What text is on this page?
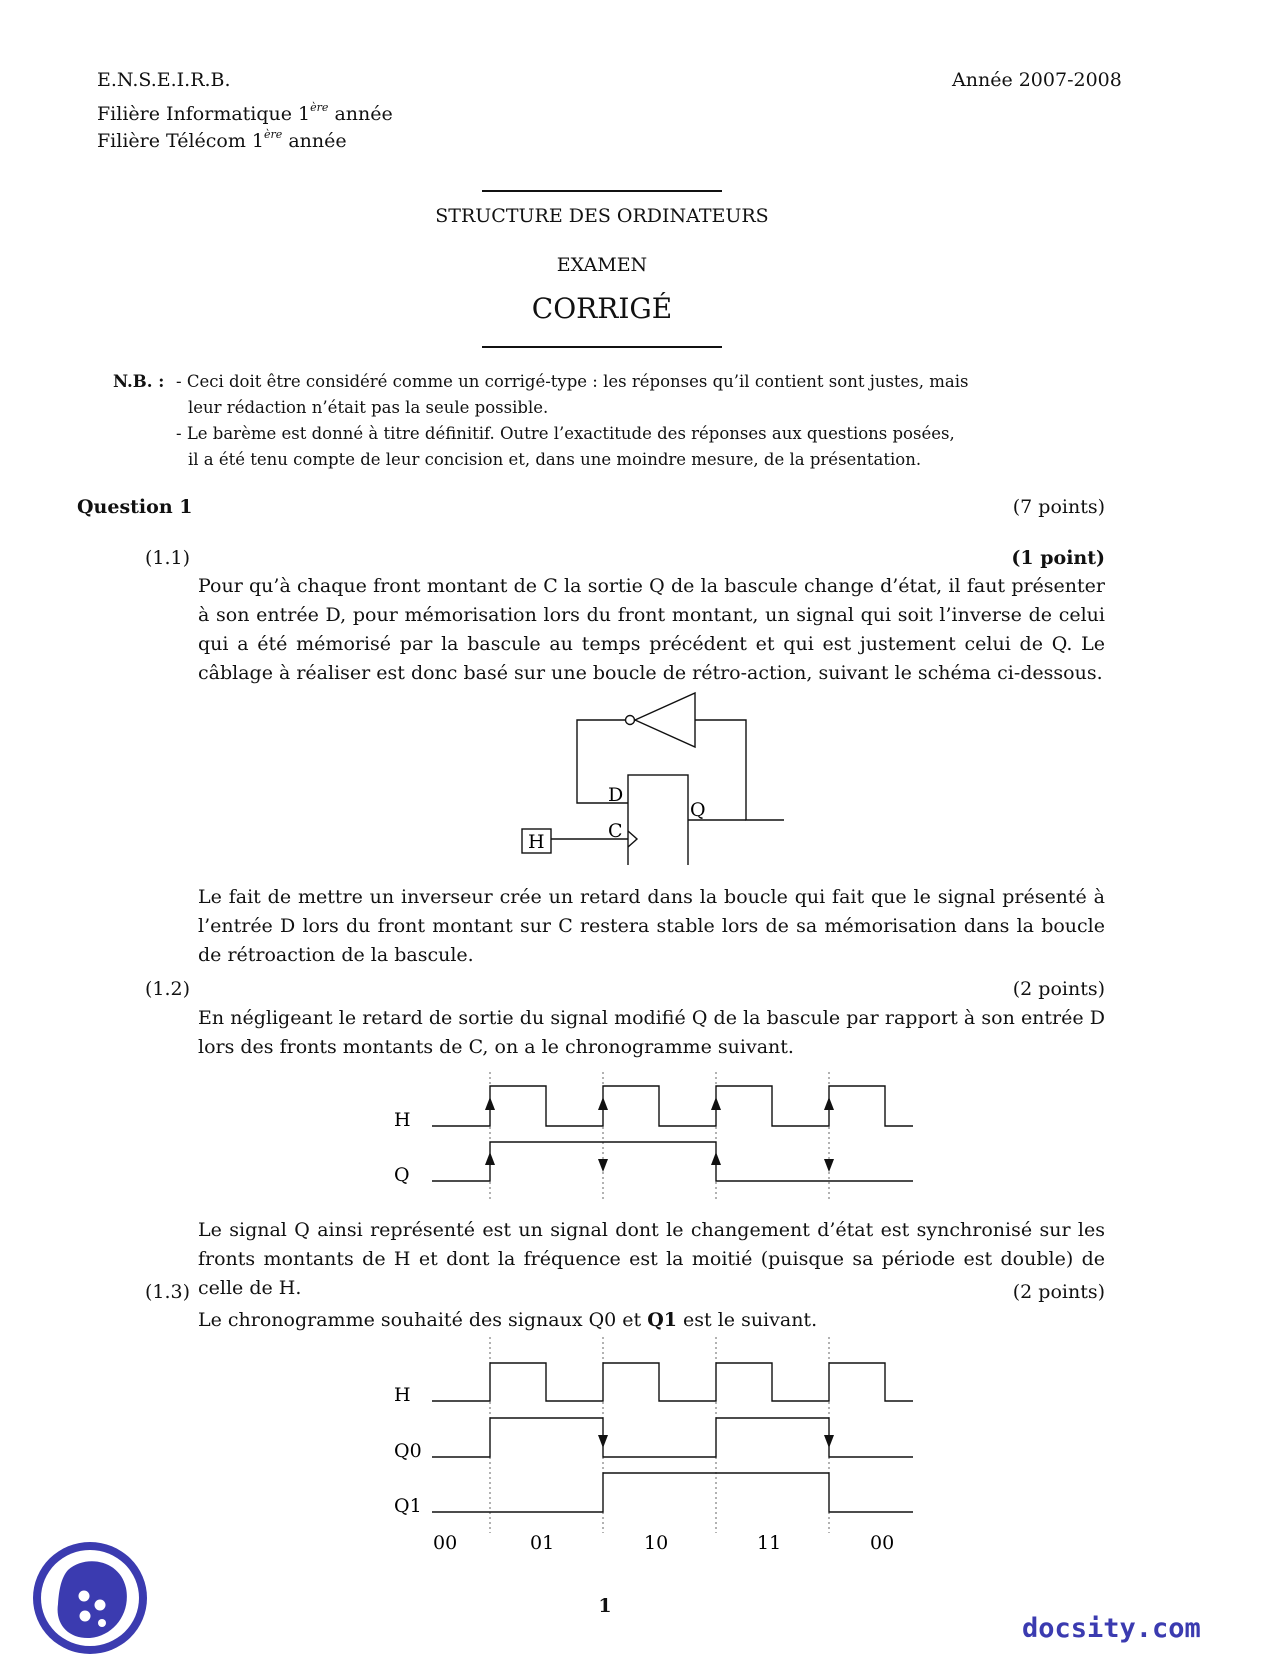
E.N.S.E.I.R.B.	Année 2007-2008
Filière Informatique 1ère année
Filière Télécom 1ère année
STRUCTURE DES ORDINATEURS
EXAMEN
CORRIGÉ
N.B. : - Ceci doit être considéré comme un corrigé-type : les réponses qu’il contient sont justes, mais
leur rédaction n’était pas la seule possible.
- Le barème est donné à titre définitif. Outre l’exactitude des réponses aux questions posées,
il a été tenu compte de leur concision et, dans une moindre mesure, de la présentation.
Question 1	(7 points)
(1.1)	(1 point)
Pour qu’à chaque front montant de C la sortie Q de la bascule change d’état, il faut présenter à son entrée D, pour mémorisation lors du front montant, un signal qui soit l’inverse de celui qui a été mémorisé par la bascule au temps précédent et qui est justement celui de Q. Le câblage à réaliser est donc basé sur une boucle de rétro-action, suivant le schéma ci-dessous.
D
C
Q
H
Le fait de mettre un inverseur crée un retard dans la boucle qui fait que le signal présenté à l’entrée D lors du front montant sur C restera stable lors de sa mémorisation dans la boucle de rétroaction de la bascule.
(1.2)	(2 points)
En négligeant le retard de sortie du signal modifié Q de la bascule par rapport à son entrée D lors des fronts montants de C, on a le chronogramme suivant.
H
Q
Le signal Q ainsi représenté est un signal dont le changement d’état est synchronisé sur les fronts montants de H et dont la fréquence est la moitié (puisque sa période est double) de celle de H.
(1.3)	(2 points)
Le chronogramme souhaité des signaux Q0 et Q1 est le suivant.
H
Q0
Q1
00	01	10	11	00
1
docsity.com
